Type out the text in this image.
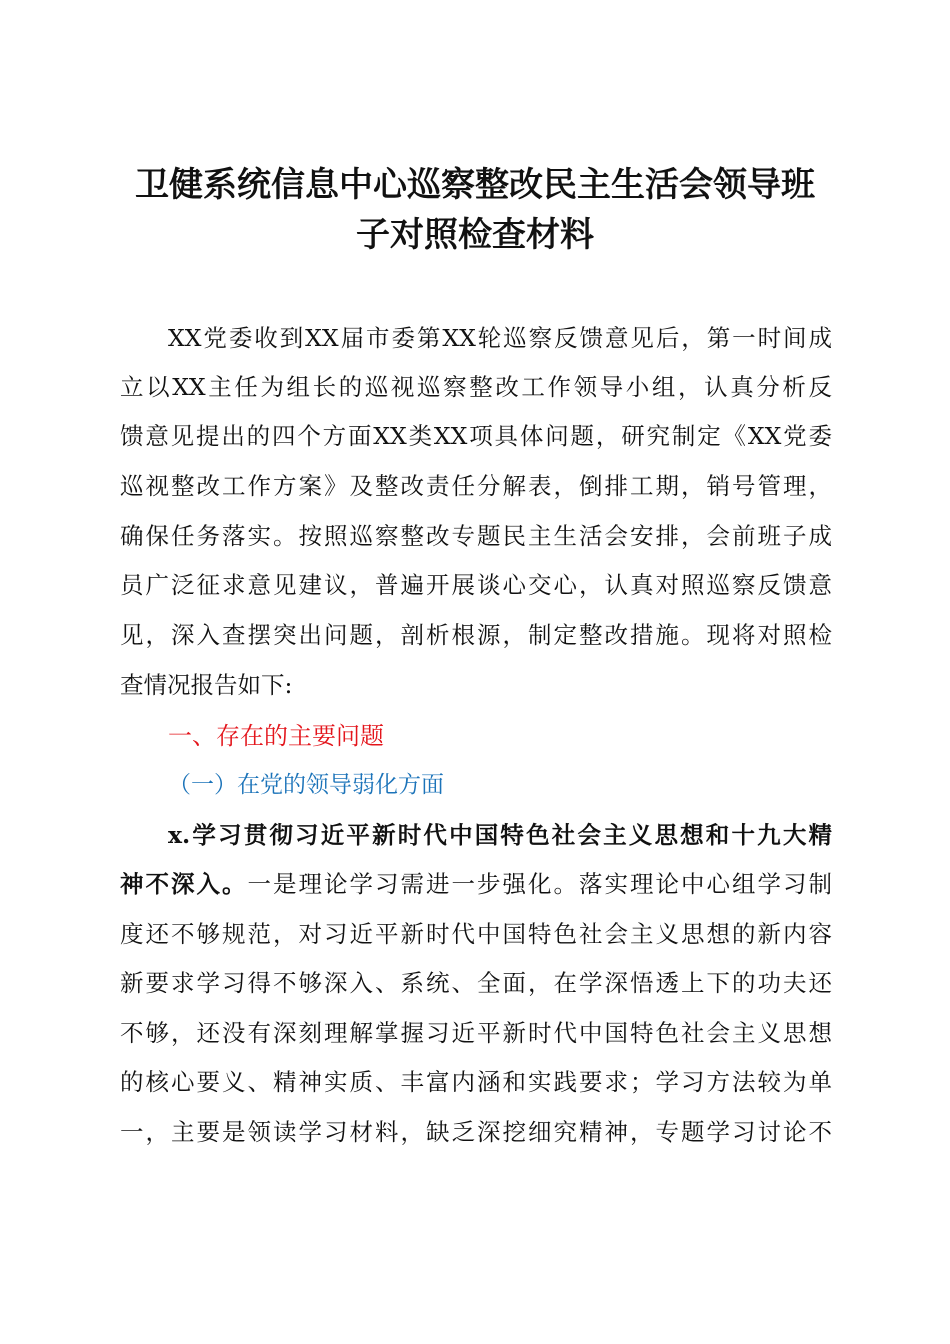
卫健系统信息中心巡察整改民主生活会领导班
子对照检查材料
XX党委收到XX届市委第XX轮巡察反馈意见后，第一时间成
立以XX主任为组长的巡视巡察整改工作领导小组，认真分析反
馈意见提出的四个方面XX类XX项具体问题，研究制定《XX党委
巡视整改工作方案》及整改责任分解表，倒排工期，销号管理，
确保任务落实。按照巡察整改专题民主生活会安排，会前班子成
员广泛征求意见建议，普遍开展谈心交心，认真对照巡察反馈意
见，深入查摆突出问题，剖析根源，制定整改措施。现将对照检
查情况报告如下:
一、存在的主要问题
（一）在党的领导弱化方面
x.学习贯彻习近平新时代中国特色社会主义思想和十九大精
神不深入。一是理论学习需进一步强化。落实理论中心组学习制
度还不够规范，对习近平新时代中国特色社会主义思想的新内容
新要求学习得不够深入、系统、全面，在学深悟透上下的功夫还
不够，还没有深刻理解掌握习近平新时代中国特色社会主义思想
的核心要义、精神实质、丰富内涵和实践要求；学习方法较为单
一，主要是领读学习材料，缺乏深挖细究精神，专题学习讨论不
